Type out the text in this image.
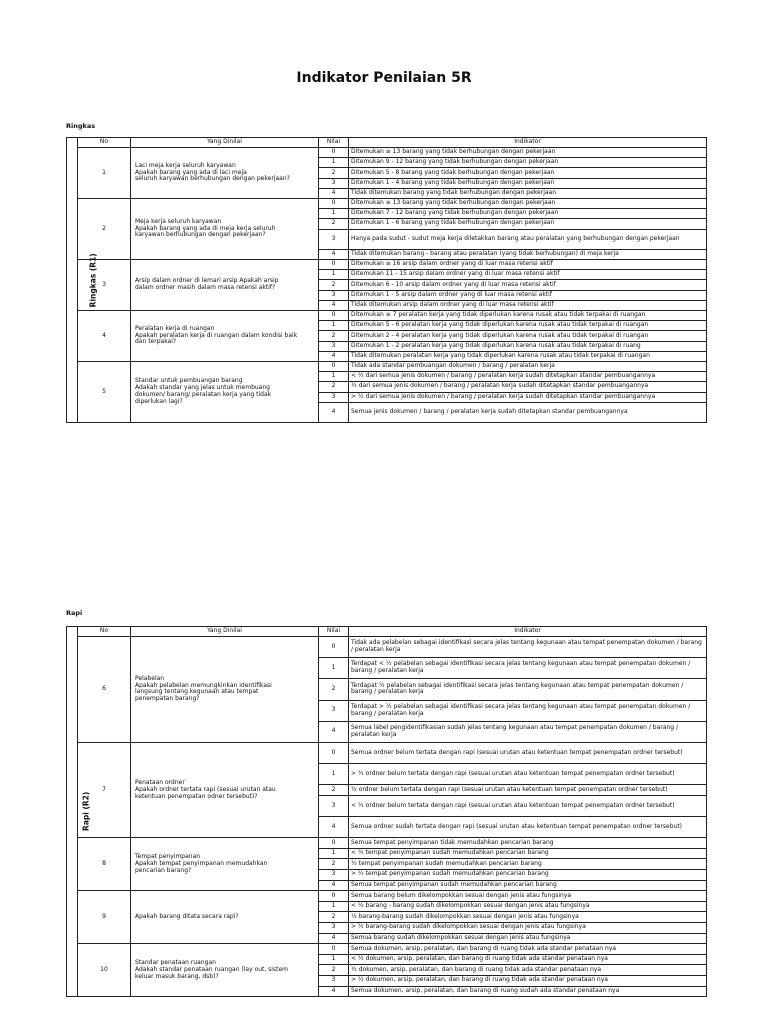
Indikator Penilaian 5R
Ringkas
Ringkas (R1)	No	Yang Dinilai	Nilai	Indikator
	1	Laci meja kerja seluruh karyawan
Apakah barang yang ada di laci meja
seluruh karyawan berhubungan dengan pekerjaan?	0	Ditemukan ≥ 13 barang yang tidak berhubungan dengan pekerjaan
			1	Ditemukan 9 - 12 barang yang tidak berhubungan dengan pekerjaan
			2	Ditemukan 5 - 8 barang yang tidak berhubungan dengan pekerjaan
			3	Ditemukan 1 - 4 barang yang tidak berhubungan dengan pekerjaan
			4	Tidak ditemukan barang yang tidak berhubungan dengan pekerjaan
	2	Meja kerja seluruh karyawan
Apakah barang yang ada di meja kerja seluruh
karyawan berhubungan dengan pekerjaan?	0	Ditemukan ≥ 13 barang yang tidak berhubungan dengan pekerjaan
			1	Ditemukan 7 - 12 barang yang tidak berhubungan dengan pekerjaan
			2	Ditemukan 1 - 6 barang yang tidak berhubungan dengan pekerjaan
			3	Hanya pada sudut - sudut meja kerja diletakkan barang atau peralatan yang berhubungan dengan pekerjaan
			4	Tidak ditemukan barang - barang atau peralatan (yang tidak berhubungan) di meja kerja
	3	Arsip dalam ordner di lemari arsip Apakah arsip
dalam ordner masih dalam masa retensi aktif?	0	Ditemukan ≥ 16 arsip dalam ordner yang di luar masa retensi aktif
			1	Ditemukan 11 - 15 arsip dalam ordner yang di luar masa retensi aktif
			2	Ditemukan 6 - 10 arsip dalam ordner yang di luar masa retensi aktif
			3	Ditemukan 1 - 5 arsip dalam ordner yang di luar masa retensi aktif
			4	Tidak ditemukan arsip dalam ordner yang di luar masa retensi aktif
	4	Peralatan kerja di ruangan
Apakah peralatan kerja di ruangan dalam kondisi baik
dan terpakai?	0	Ditemukan ≥ 7 peralatan kerja yang tidak diperlukan karena rusak atau tidak terpakai di ruangan
			1	Ditemukan 5 - 6 peralatan kerja yang tidak diperlukan karena rusak atau tidak terpakai di ruangan
			2	Ditemukan 2 - 4 peralatan kerja yang tidak diperlukan karena rusak atau tidak terpakai di ruangan
			3	Ditemukan 1 - 2 peralatan kerja yang tidak diperlukan karena rusak atau tidak terpakai di ruang
			4	Tidak ditemukan peralatan kerja yang tidak diperlukan karena rusak atau tidak terpakai di ruangan
	5	Standar untuk pembuangan barang
Adakah standar yang jelas untuk membuang
dokumen/ barang/ peralatan kerja yang tidak
diperlukan lagi?	0	Tidak ada standar pembuangan dokumen / barang / peralatan kerja
			1	< ½ dari semua jenis dokumen / barang / peralatan kerja sudah ditetapkan standar pembuangannya
			2	½ dari semua jenis dokumen / barang / peralatan kerja sudah ditetapkan standar pembuangannya
			3	> ½ dari semua jenis dokumen / barang / peralatan kerja sudah ditetapkan standar pembuangannya
			4	Semua jenis dokumen / barang / peralatan kerja sudah ditetapkan standar pembuangannya
Rapi
Rapi (R2)	No	Yang Dinilai	Nilai	Indikator
	6	Pelabelan
Apakah pelabelan memungkinkan identifikasi
langsung tentang kegunaan atau tempat
penempatan barang?	0	Tidak ada pelabelan sebagai identifikasi secara jelas tentang kegunaan atau tempat penempatan dokumen / barang / peralatan kerja
			1	Terdapat < ½ pelabelan sebagai identifikasi secara jelas tentang kegunaan atau tempat penempatan dokumen / barang / peralatan kerja
			2	Terdapat ½ pelabelan sebagai identifikasi secara jelas tentang kegunaan atau tempat penempatan dokumen / barang / peralatan kerja
			3	Terdapat > ½ pelabelan sebagai identifikasi secara jelas tentang kegunaan atau tempat penempatan dokumen / barang / peralatan kerja
			4	Semua label pengidentifikasian sudah jelas tentang kegunaan atau tempat penempatan dokumen / barang / peralatan kerja
	7	Penataan ordner
Apakah ordner tertata rapi (sesuai urutan atau
ketentuan penempatan odner tersebut)?	0	Semua ordner belum tertata dengan rapi (sesuai urutan atau ketentuan tempat penempatan ordner tersebut)
			1	> ½ ordner belum tertata dengan rapi (sesuai urutan atau ketentuan tempat penempatan ordner tersebut)
			2	½ ordner belum tertata dengan rapi (sesuai urutan atau ketentuan tempat penempatan ordner tersebut)
			3	< ½ ordner belum tertata dengan rapi (sesuai urutan atau ketentuan tempat penempatan ordner tersebut)
			4	Semua ordner sudah tertata dengan rapi (sesuai urutan atau ketentuan tempat penempatan ordner tersebut)
	8	Tempat penyimpanan
Apakah tempat penyimpanan memudahkan
pencarian barang?	0	Semua tempat penyimpanan tidak memudahkan pencarian barang
			1	< ½ tempat penyimpanan sudah memudahkan pencarian barang
			2	½ tempat penyimpanan sudah memudahkan pencarian barang
			3	> ½ tempat penyimpanan sudah memudahkan pencarian barang
			4	Semua tempat penyimpanan sudah memudahkan pencarian barang
	9	Apakah barang ditata secara rapi?	0	Semua barang belum dikelompokkan sesuai dengan jenis atau fungsinya
			1	< ½ barang - barang sudah dikelompokkan sesuai dengan jenis atau fungsinya
			2	½ barang-barang sudah dikelompokkan sesuai dengan jenis atau fungsinya
			3	> ½ barang-barang sudah dikelompokkan sesuai dengan jenis atau fungsinya
			4	Semua barang sudah dikelompokkan sesuai dengan jenis atau fungsinya
	10	Standar penataan ruangan
Adakah standar penataan ruangan (lay out, sistem
keluar masuk barang, dsb)?	0	Semua dokumen, arsip, peralatan, dan barang di ruang tidak ada standar penataan nya
			1	< ½ dokumen, arsip, peralatan, dan barang di ruang tidak ada standar penataan nya
			2	½ dokumen, arsip, peralatan, dan barang di ruang tidak ada standar penataan nya
			3	> ½ dokumen, arsip, peralatan, dan barang di ruang tidak ada standar penataan nya
			4	Semua dokumen, arsip, peralatan, dan barang di ruang sudah ada standar penataan nya
